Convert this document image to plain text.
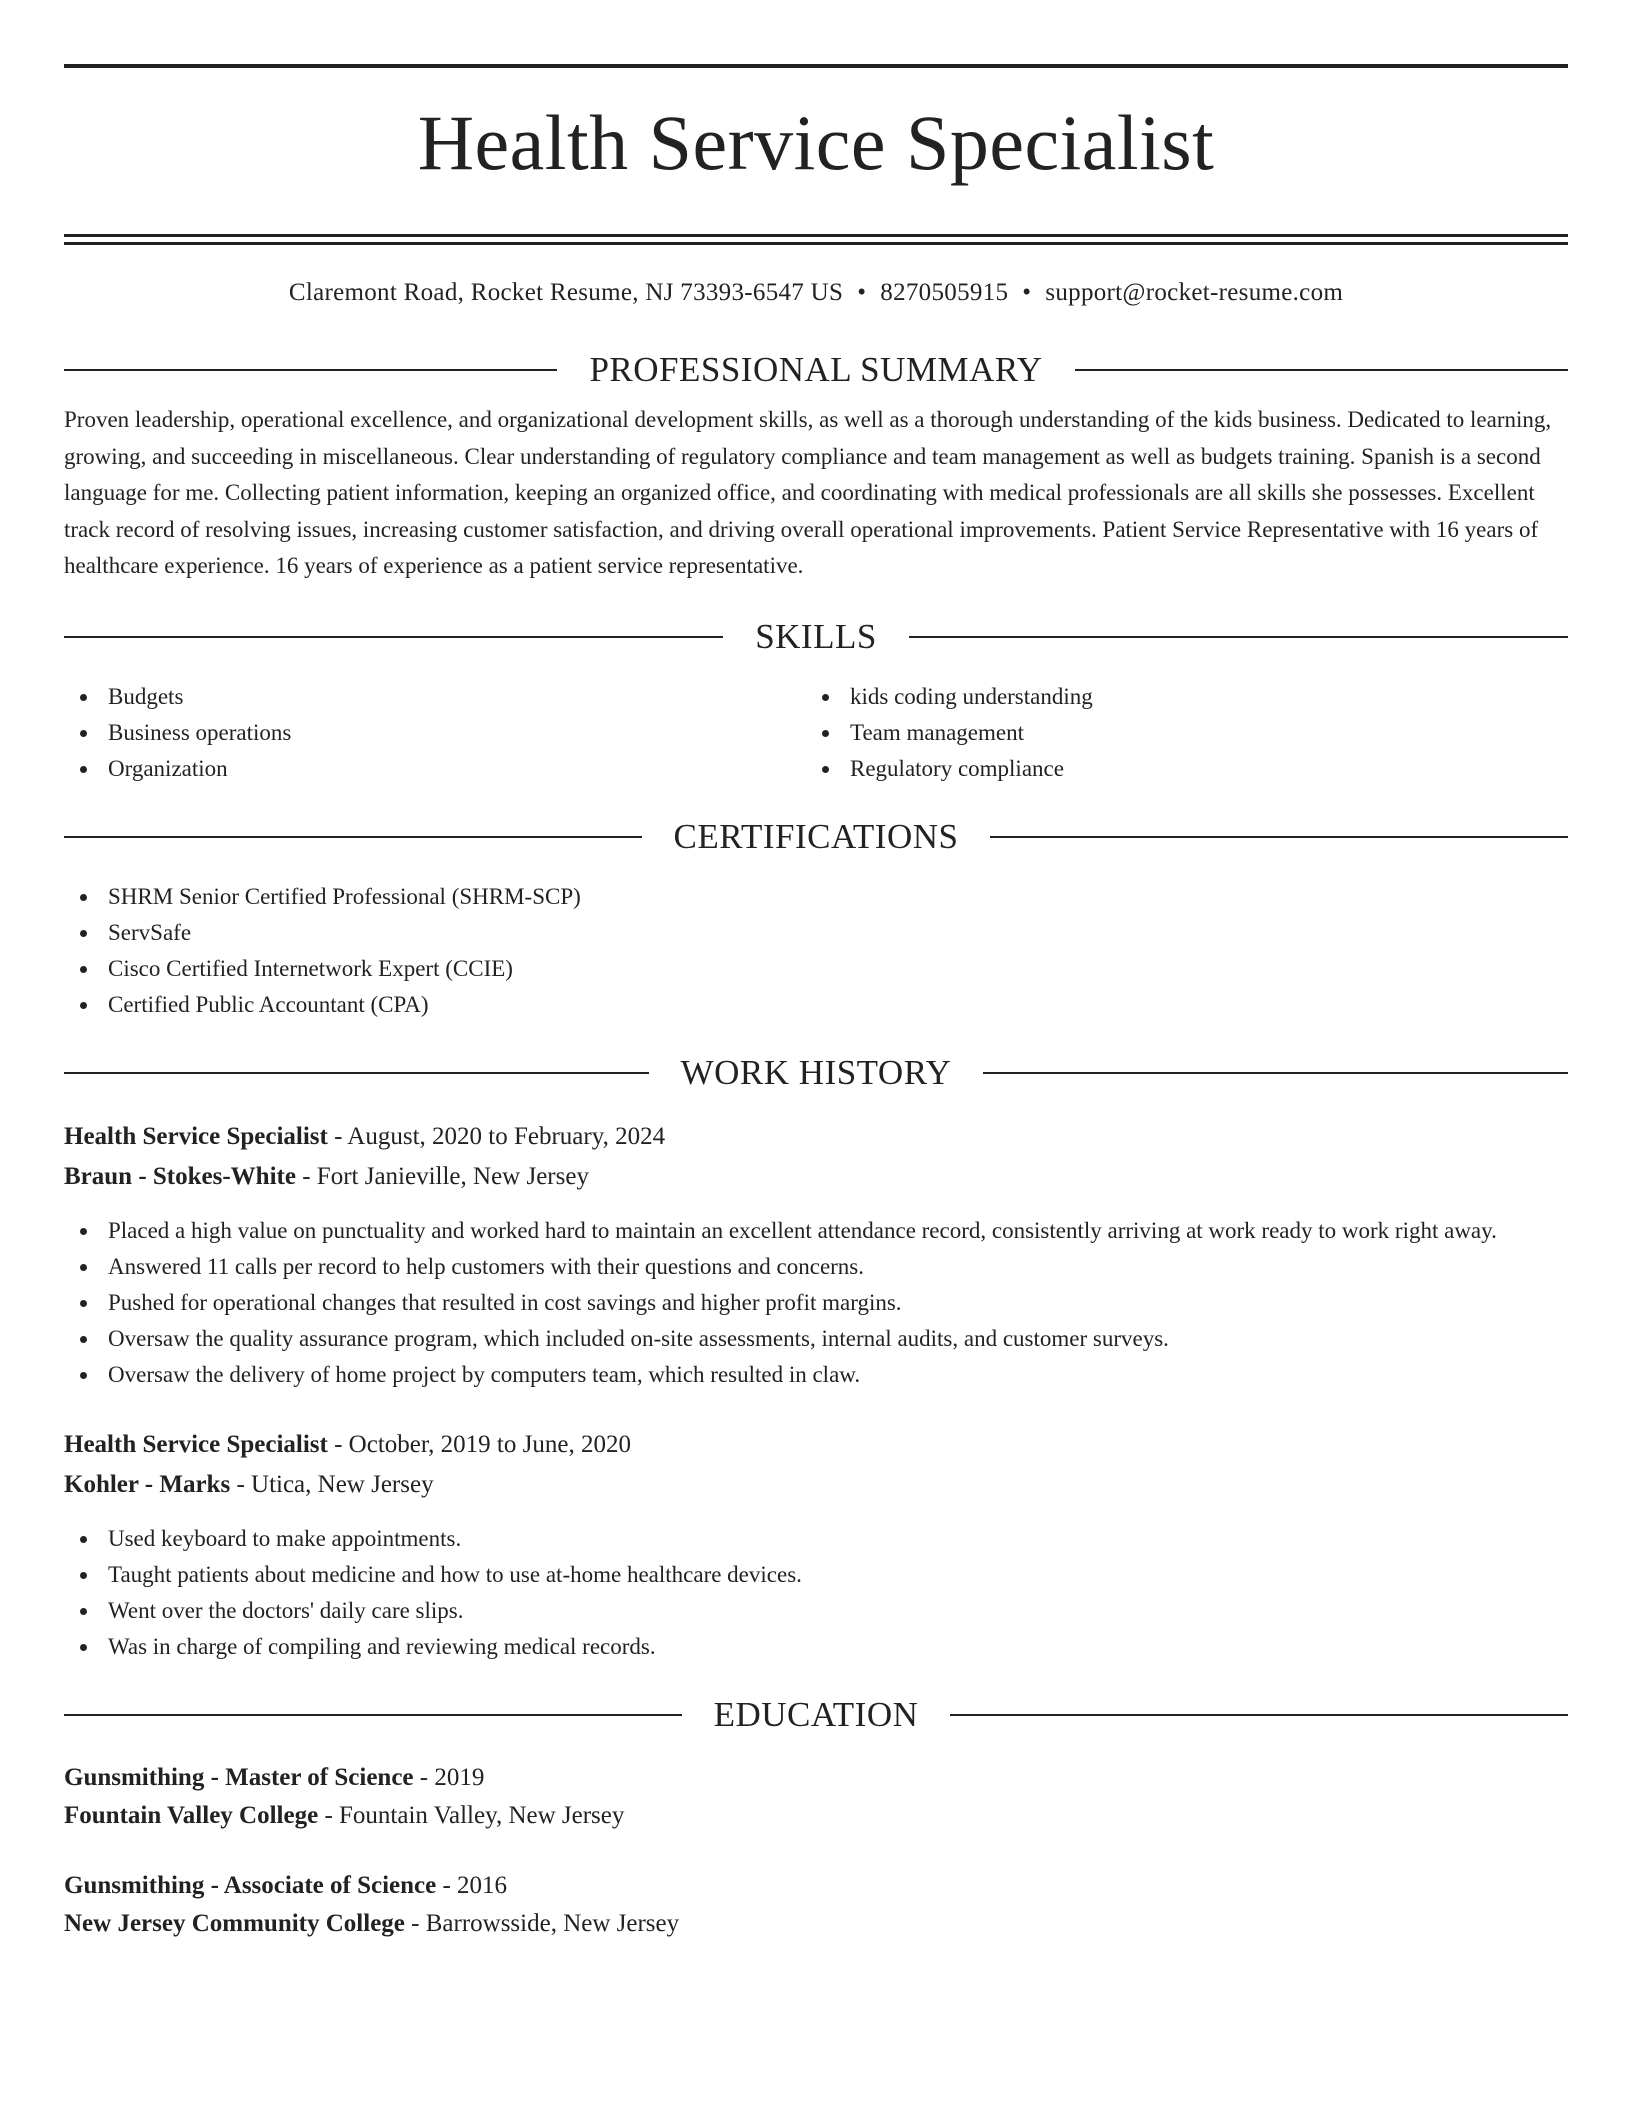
Health Service Specialist
Claremont Road, Rocket Resume, NJ 73393-6547 US • 8270505915 • support@rocket-resume.com
PROFESSIONAL SUMMARY
Proven leadership, operational excellence, and organizational development skills, as well as a thorough understanding of the kids business. Dedicated to learning, growing, and succeeding in miscellaneous. Clear understanding of regulatory compliance and team management as well as budgets training. Spanish is a second language for me. Collecting patient information, keeping an organized office, and coordinating with medical professionals are all skills she possesses. Excellent track record of resolving issues, increasing customer satisfaction, and driving overall operational improvements. Patient Service Representative with 16 years of healthcare experience. 16 years of experience as a patient service representative.
SKILLS
Budgets
Business operations
Organization
kids coding understanding
Team management
Regulatory compliance
CERTIFICATIONS
SHRM Senior Certified Professional (SHRM-SCP)
ServSafe
Cisco Certified Internetwork Expert (CCIE)
Certified Public Accountant (CPA)
WORK HISTORY
Health Service Specialist - August, 2020 to February, 2024
Braun - Stokes-White - Fort Janieville, New Jersey
Placed a high value on punctuality and worked hard to maintain an excellent attendance record, consistently arriving at work ready to work right away.
Answered 11 calls per record to help customers with their questions and concerns.
Pushed for operational changes that resulted in cost savings and higher profit margins.
Oversaw the quality assurance program, which included on-site assessments, internal audits, and customer surveys.
Oversaw the delivery of home project by computers team, which resulted in claw.
Health Service Specialist - October, 2019 to June, 2020
Kohler - Marks - Utica, New Jersey
Used keyboard to make appointments.
Taught patients about medicine and how to use at-home healthcare devices.
Went over the doctors' daily care slips.
Was in charge of compiling and reviewing medical records.
EDUCATION
Gunsmithing - Master of Science - 2019
Fountain Valley College - Fountain Valley, New Jersey
Gunsmithing - Associate of Science - 2016
New Jersey Community College - Barrowsside, New Jersey
